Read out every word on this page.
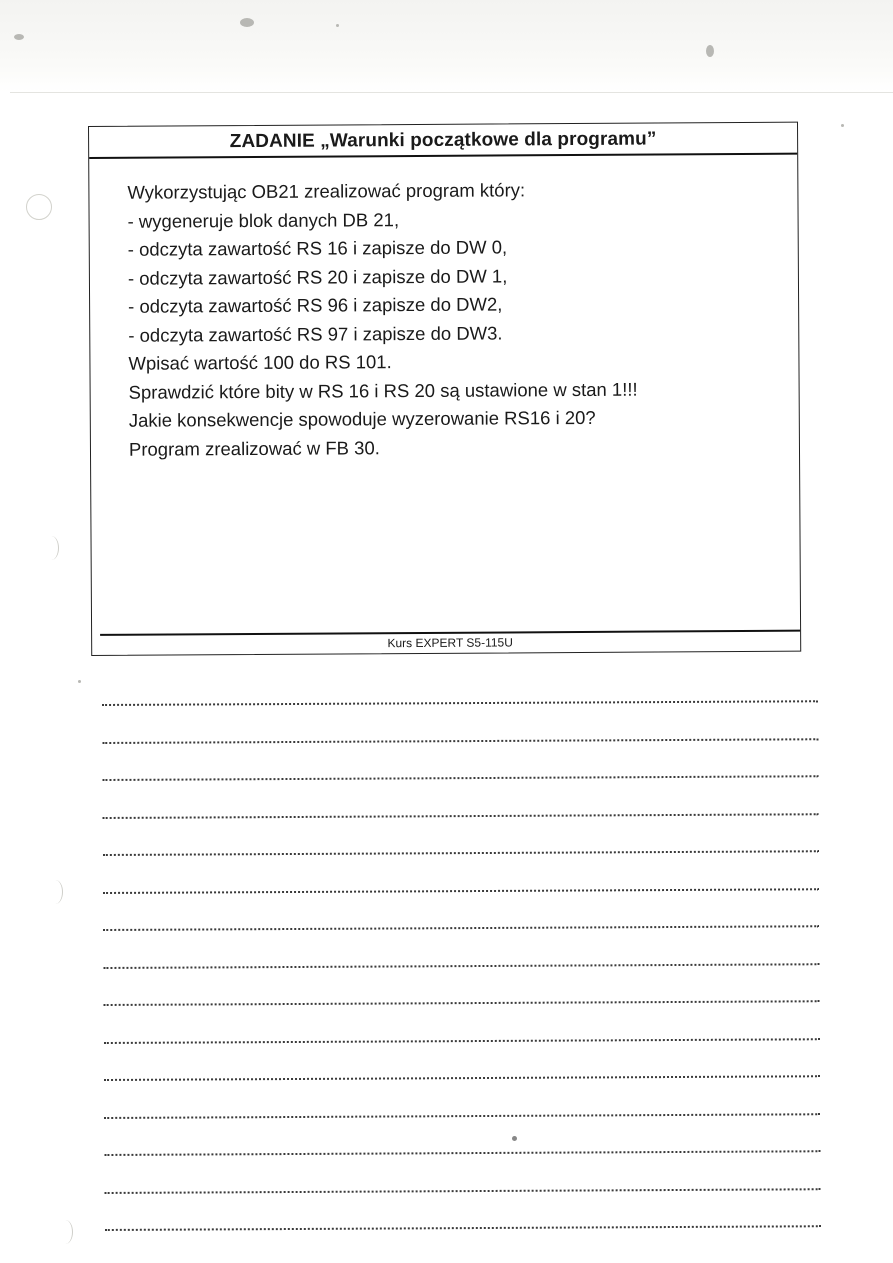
ZADANIE „Warunki początkowe dla programu”
Wykorzystując OB21 zrealizować program który:
- wygeneruje blok danych DB 21,
- odczyta zawartość RS 16 i zapisze do DW 0,
- odczyta zawartość RS 20 i zapisze do DW 1,
- odczyta zawartość RS 96 i zapisze do DW2,
- odczyta zawartość RS 97 i zapisze do DW3.
Wpisać wartość 100 do RS 101.
Sprawdzić które bity w RS 16 i RS 20 są ustawione w stan 1!!!
Jakie konsekwencje spowoduje wyzerowanie RS16 i 20?
Program zrealizować w FB 30.
Kurs EXPERT S5-115U
